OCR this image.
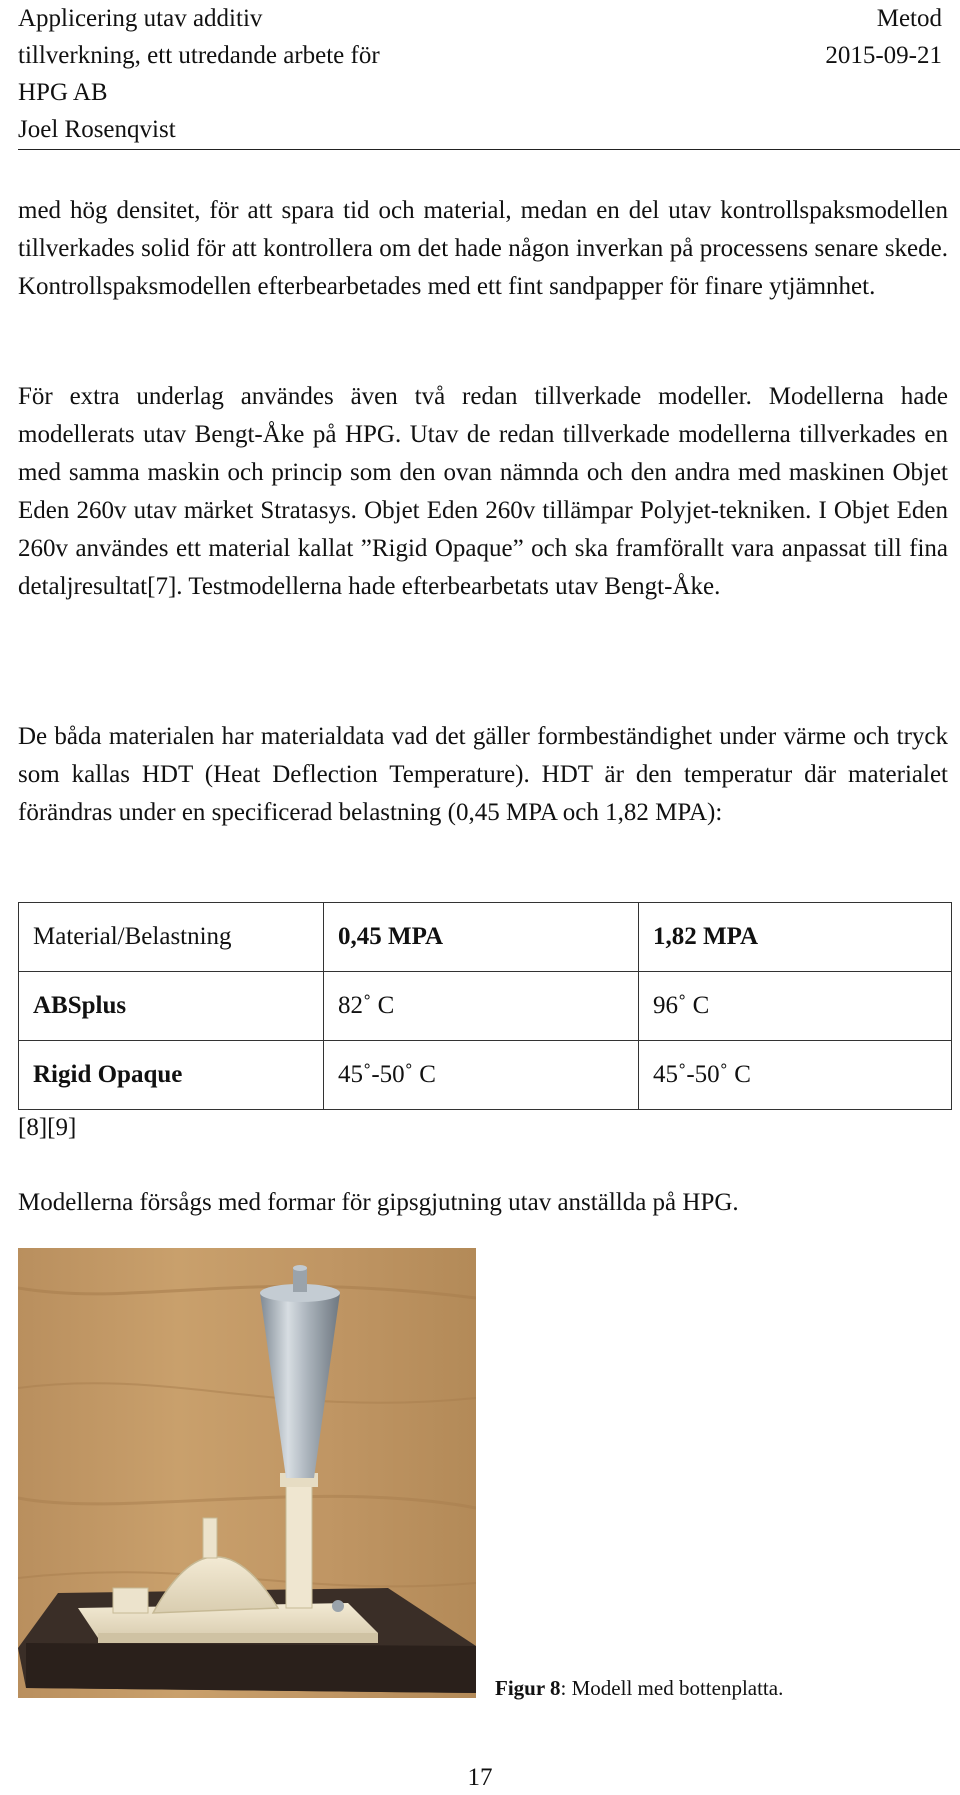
Applicering utav additiv
tillverkning, ett utredande arbete för
HPG AB
Joel Rosenqvist
Metod
2015-09-21

med hög densitet, för att spara tid och material, medan en del utav kontrollspaksmodellen tillverkades solid för att kontrollera om det hade någon inverkan på processens senare skede. Kontrollspaksmodellen efterbearbetades med ett fint sandpapper för finare ytjämnhet.

För extra underlag användes även två redan tillverkade modeller. Modellerna hade modellerats utav Bengt-Åke på HPG. Utav de redan tillverkade modellerna tillverkades en med samma maskin och princip som den ovan nämnda och den andra med maskinen Objet Eden 260v utav märket Stratasys. Objet Eden 260v tillämpar Polyjet-tekniken. I Objet Eden 260v användes ett material kallat ”Rigid Opaque” och ska framförallt vara anpassat till fina detaljresultat[7]. Testmodellerna hade efterbearbetats utav Bengt-Åke.

De båda materialen har materialdata vad det gäller formbeständighet under värme och tryck som kallas HDT (Heat Deflection Temperature). HDT är den temperatur där materialet förändras under en specificerad belastning (0,45 MPA och 1,82 MPA):

Material/Belastning	0,45 MPA	1,82 MPA
ABSplus	82˚ C	96˚ C
Rigid Opaque	45˚-50˚ C	45˚-50˚ C
[8][9]
Modellerna försågs med formar för gipsgjutning utav anställda på HPG.
Figur 8: Modell med bottenplatta.
17
